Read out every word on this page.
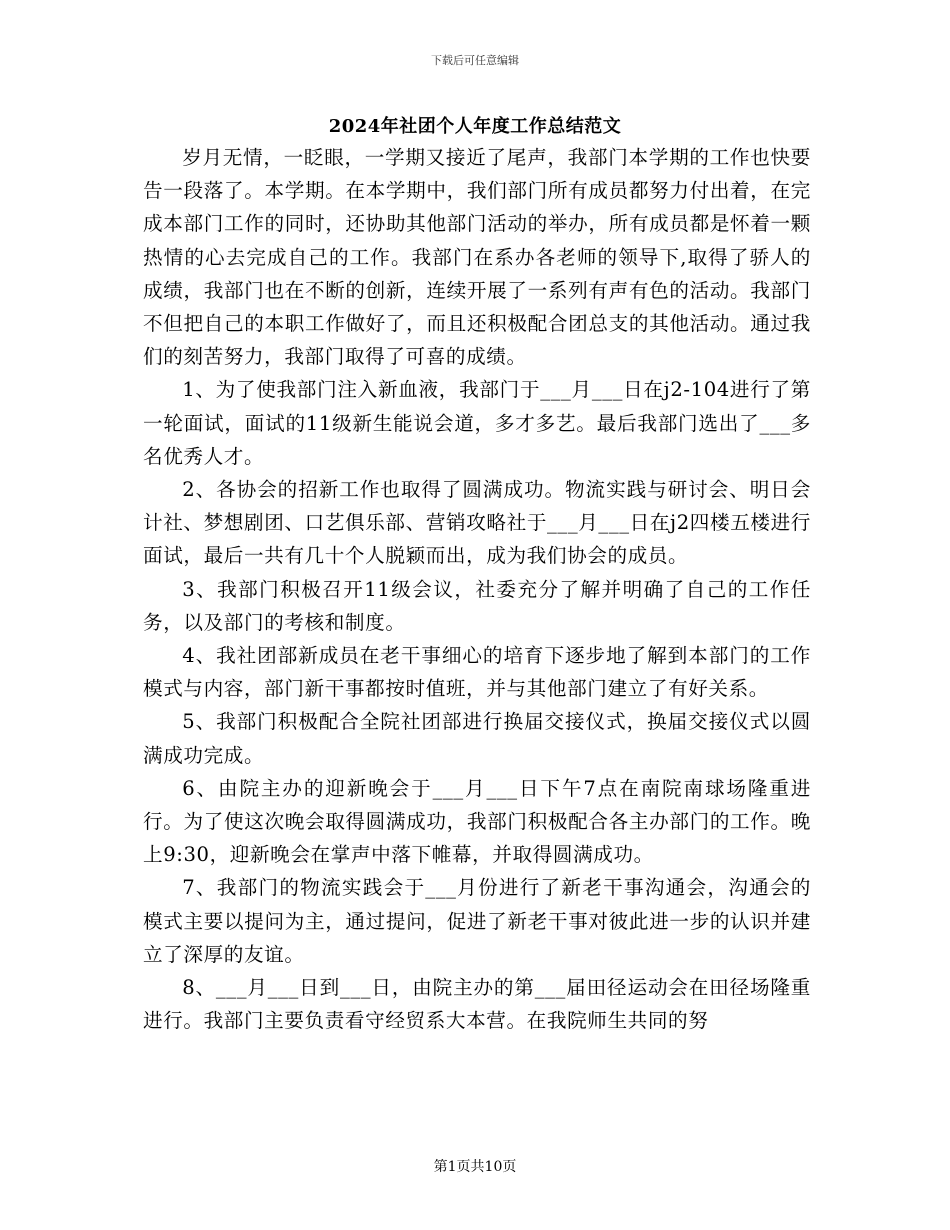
下载后可任意编辑
2024年社团个人年度工作总结范文

岁月无情，一眨眼，一学期又接近了尾声，我部门本学期的工作也快要告一段落了。本学期。在本学期中，我们部门所有成员都努力付出着，在完成本部门工作的同时，还协助其他部门活动的举办，所有成员都是怀着一颗热情的心去完成自己的工作。我部门在系办各老师的领导下,取得了骄人的成绩，我部门也在不断的创新，连续开展了一系列有声有色的活动。我部门不但把自己的本职工作做好了，而且还积极配合团总支的其他活动。通过我们的刻苦努力，我部门取得了可喜的成绩。

1、为了使我部门注入新血液，我部门于___月___日在j2-104进行了第一轮面试，面试的11级新生能说会道，多才多艺。最后我部门选出了___多名优秀人才。

2、各协会的招新工作也取得了圆满成功。物流实践与研讨会、明日会计社、梦想剧团、口艺俱乐部、营销攻略社于___月___日在j2四楼五楼进行面试，最后一共有几十个人脱颖而出，成为我们协会的成员。

3、我部门积极召开11级会议，社委充分了解并明确了自己的工作任务，以及部门的考核和制度。

4、我社团部新成员在老干事细心的培育下逐步地了解到本部门的工作模式与内容，部门新干事都按时值班，并与其他部门建立了有好关系。

5、我部门积极配合全院社团部进行换届交接仪式，换届交接仪式以圆满成功完成。

6、由院主办的迎新晚会于___月___日下午7点在南院南球场隆重进行。为了使这次晚会取得圆满成功，我部门积极配合各主办部门的工作。晚上9:30，迎新晚会在掌声中落下帷幕，并取得圆满成功。

7、我部门的物流实践会于___月份进行了新老干事沟通会，沟通会的模式主要以提问为主，通过提问，促进了新老干事对彼此进一步的认识并建立了深厚的友谊。

8、___月___日到___日，由院主办的第___届田径运动会在田径场隆重进行。我部门主要负责看守经贸系大本营。在我院师生共同的努

第1页共10页
